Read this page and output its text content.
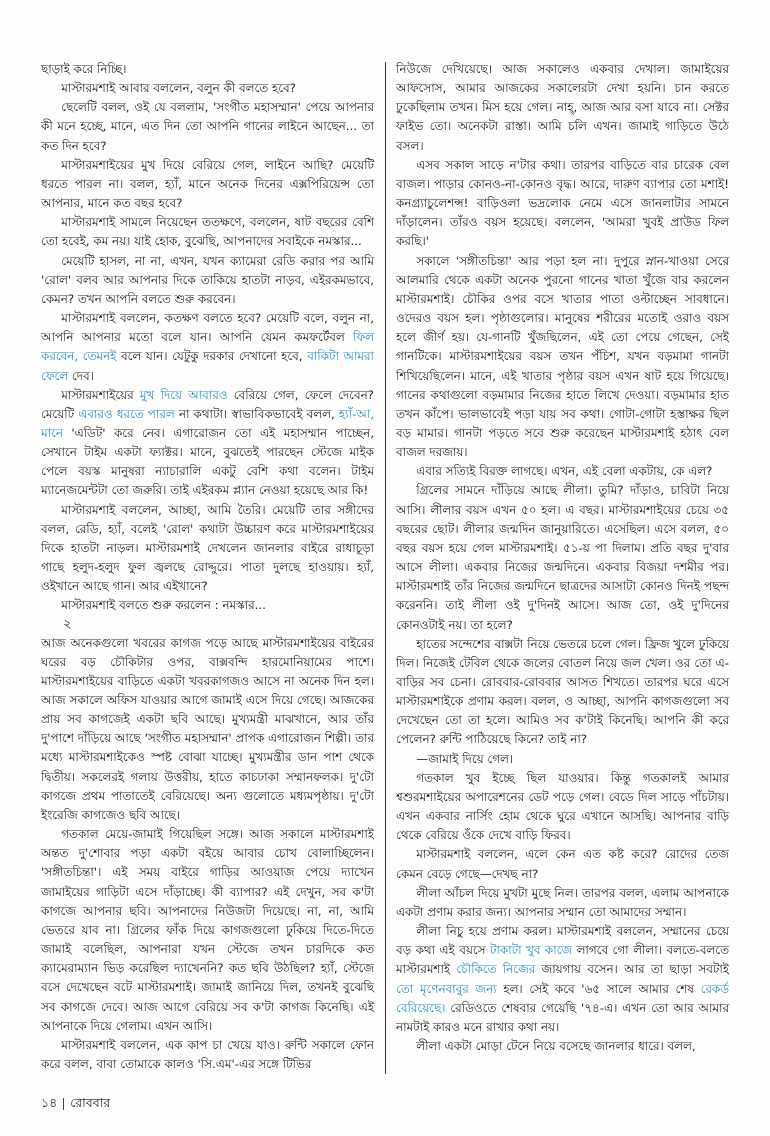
ছাড়াই করে নিচ্ছি।

মাস্টারমশাই আবার বললেন, বলুন কী বলতে হবে?

ছেলেটি বলল, ওই যে বললাম, 'সংগীত মহাসম্মান' পেয়ে আপনার কী মনে হচ্ছে, মানে, এত দিন তো আপনি গানের লাইনে আছেন... তা কত দিন হবে?

মাস্টারমশাইয়ের মুখ দিয়ে বেরিয়ে গেল, লাইনে আছি? মেয়েটি ধরতে পারল না। বলল, হ্যাঁ, মানে অনেক দিনের এক্সপিরিয়েন্স তো আপনার, মানে কত বছর হবে?

মাস্টারমশাই সামলে নিয়েছেন ততক্ষণে, বললেন, ষাট বছরের বেশি তো হবেই, কম নয়। যাই হোক, বুঝেছি, আপনাদের সবাইকে নমস্কার...

মেয়েটি হাসল, না না, এখন, যখন ক্যামেরা রেডি করার পর আমি 'রোল' বলব আর আপনার দিকে তাকিয়ে হাতটা নাড়ব, এইরকমভাবে, কেমন? তখন আপনি বলতে শুরু করবেন।

মাস্টারমশাই বললেন, কতক্ষণ বলতে হবে? মেয়েটি বলে, বলুন না, আপনি আপনার মতো বলে যান। আপনি যেমন কমফর্টেবল ফিল করবেন, তেমনই বলে যান। যেটুকু দরকার দেখানো হবে, বাকিটা আমরা ফেলে দেব।

মাস্টারমশাইয়ের মুখ দিয়ে আবারও বেরিয়ে গেল, ফেলে দেবেন? মেয়েটি এবারও ধরতে পারল না কথাটা। স্বাভাবিকভাবেই বলল, হ্যাঁ-আ, মানে 'এডিট' করে নেব। এগারোজন তো এই মহাসম্মান পাচ্ছেন, সেখানে টাইম একটা ফ্যাক্টর। মানে, বুঝতেই পারছেন স্টেজে মাইক পেলে বয়স্ক মানুষরা ন্যাচারালি একটু বেশি কথা বলেন। টাইম ম্যানেজমেন্টটা তো জরুরি। তাই এইরকম প্ল্যান নেওয়া হয়েছে আর কি!

মাস্টারমশাই বললেন, আচ্ছা, আমি তৈরি। মেয়েটি তার সঙ্গীদের বলল, রেডি, হ্যাঁ, বলেই 'রোল' কথাটা উচ্চারণ করে মাস্টারমশাইয়ের দিকে হাতটা নাড়ল। মাস্টারমশাই দেখলেন জানলার বাইরে রাধাচূড়া গাছে হলুদ-হলুদ ফুল জ্বলছে রোদ্দুরে। পাতা দুলছে হাওয়ায়। হ্যাঁ, ওইখানে আছে গান। আর এইখানে?

মাস্টারমশাই বলতে শুরু করলেন : নমস্কার...

২

আজ অনেকগুলো খবরের কাগজ পড়ে আছে মাস্টারমশাইয়ের বাইরের ঘরের বড় চৌকিটার ওপর, বাক্সবন্দি হারমোনিয়ামের পাশে। মাস্টারমশাইয়ের বাড়িতে একটা খবরকাগজও আসে না অনেক দিন হল। আজ সকালে অফিস যাওয়ার আগে জামাই এসে দিয়ে গেছে। আজকের প্রায় সব কাগজেই একটা ছবি আছে। মুখ্যমন্ত্রী মাঝখানে, আর তাঁর দু'পাশে দাঁড়িয়ে আছে 'সংগীত মহাসম্মান' প্রাপক এগারোজন শিল্পী। তার মধ্যে মাস্টারমশাইকেও স্পষ্ট বোঝা যাচ্ছে। মুখ্যমন্ত্রীর ডান পাশ থেকে দ্বিতীয়। সকলেরই গলায় উত্তরীয়, হাতে কাচঢাকা সম্মানফলক। দু'টো কাগজে প্রথম পাতাতেই বেরিয়েছে। অন্য গুলোতে মধ্যমপৃষ্ঠায়। দু'টো ইংরেজি কাগজেও ছবি আছে।

গতকাল মেয়ে-জামাই গিয়েছিল সঙ্গে। আজ সকালে মাস্টারমশাই অন্তত দু'শোবার পড়া একটা বইয়ে আবার চোখ বোলাচ্ছিলেন। 'সঙ্গীতচিন্তা'। এই সময় বাইরে গাড়ির আওয়াজ পেয়ে দ্যাখেন জামাইয়ের গাড়িটা এসে দাঁড়াচ্ছে। কী ব্যাপার? এই দেখুন, সব ক'টা কাগজে আপনার ছবি। আপনাদের নিউজটা দিয়েছে। না, না, আমি ভেতরে যাব না। গ্রিলের ফাঁক দিয়ে কাগজগুলো ঢুকিয়ে দিতে-দিতে জামাই বলেছিল, আপনারা যখন স্টেজে তখন চারদিকে কত ক্যামেরাম্যান ভিড় করেছিল দ্যাখেননি? কত ছবি উঠছিল? হ্যাঁ, স্টেজে বসে দেখেছেন বটে মাস্টারমশাই। জামাই জানিয়ে দিল, তখনই বুঝেছি সব কাগজে দেবে। আজ আগে বেরিয়ে সব ক'টা কাগজ কিনেছি। এই আপনাকে দিয়ে গেলাম। এখন আসি।

মাস্টারমশাই বললেন, এক কাপ চা খেয়ে যাও। রুন্টি সকালে ফোন করে বলল, বাবা তোমাকে কালও 'সি.এম'-এর সঙ্গে টিভির

নিউজে দেখিয়েছে। আজ সকালেও একবার দেখাল। জামাইয়ের আফসোস, আমার আজকের সকালেরটা দেখা হয়নি। চান করতে ঢুকেছিলাম তখন। মিস হয়ে গেল। নাহ্, আজ আর বসা যাবে না। সেক্টর ফাইভ তো। অনেকটা রাস্তা। আমি চলি এখন। জামাই গাড়িতে উঠে বসল।

এসব সকাল সাড়ে ন'টার কথা। তারপর বাড়িতে বার চারেক বেল বাজল। পাড়ার কোনও-না-কোনও বৃদ্ধ। আরে, দারুণ ব্যাপার তো মশাই! কনগ্র্যাচুলেশন্স! বাড়িওলা ভদ্রলোক নেমে এসে জানলাটার সামনে দাঁড়ালেন। তাঁরও বয়স হয়েছে। বললেন, 'আমরা খুবই প্রাউড ফিল করছি।'

সকালে 'সঙ্গীতচিন্তা' আর পড়া হল না। দুপুরে স্নান-খাওয়া সেরে আলমারি থেকে একটা অনেক পুরনো গানের খাতা খুঁজে বার করলেন মাস্টারমশাই। চৌকির ওপর বসে খাতার পাতা ওল্টাচ্ছেন সাবধানে। ওদেরও বয়স হল। পৃষ্ঠাগুলোর। মানুষের শরীরের মতোই ওরাও বয়স হলে জীর্ণ হয়। যে-গানটি খুঁজছিলেন, এই তো পেয়ে গেছেন, সেই গানটিকে। মাস্টারমশাইয়ের বয়স তখন পঁচিশ, যখন বড়মামা গানটা শিখিয়েছিলেন। মানে, এই খাতার পৃষ্ঠার বয়স এখন ষাট হয়ে গিয়েছে। গানের কথাগুলো বড়মামার নিজের হাতে লিখে দেওয়া। বড়মামার হাত তখন কাঁপে। ভালভাবেই পড়া যায় সব কথা। গোটা-গোটা হস্তাক্ষর ছিল বড় মামার। গানটা পড়তে সবে শুরু করেছেন মাস্টারমশাই হঠাৎ বেল বাজল দরজায়।

এবার সত্যিই বিরক্ত লাগছে। এখন, এই বেলা একটায়, কে এল?

গ্রিলের সামনে দাঁড়িয়ে আছে লীলা। তুমি? দাঁড়াও, চাবিটা নিয়ে আসি। লীলার বয়স এখন ৫০ হল। এ বছর। মাস্টারমশাইয়ের চেয়ে ৩৫ বছরের ছোট। লীলার জন্মদিন জানুয়ারিতে। এসেছিল। এসে বলল, ৫০ বছর বয়স হয়ে গেল মাস্টারমশাই। ৫১-য় পা দিলাম। প্রতি বছর দু'বার আসে লীলা। একবার নিজের জন্মদিনে। একবার বিজয়া দশমীর পর। মাস্টারমশাই তাঁর নিজের জন্মদিনে ছাত্রদের আসাটা কোনও দিনই পছন্দ করেননি। তাই লীলা ওই দু'দিনই আসে। আজ তো, ওই দু'দিনের কোনওটাই নয়। তা হলে?

হাতের সন্দেশের বাক্সটা নিয়ে ভেতরে চলে গেল। ফ্রিজ খুলে ঢুকিয়ে দিল। নিজেই টেবিল থেকে জলের বোতল নিয়ে জল খেল। ওর তো এ-বাড়ির সব চেনা। রোববার-রোববার আসত শিখতে। তারপর ঘরে এসে মাস্টারমশাইকে প্রণাম করল। বলল, ও আচ্ছা, আপনি কাগজগুলো সব দেখেছেন তো তা হলে। আমিও সব ক'টাই কিনেছি। আপনি কী করে পেলেন? রুন্টি পাঠিয়েছে কিনে? তাই না?

—জামাই দিয়ে গেল।

গতকাল খুব ইচ্ছে ছিল যাওয়ার। কিন্তু গতকালই আমার শ্বশুরমশাইয়ের অপারেশনের ডেট পড়ে গেল। বেডে দিল সাড়ে পাঁচটায়। এখন একবার নার্সিং হোম থেকে ঘুরে এখানে আসছি। আপনার বাড়ি থেকে বেরিয়ে ওঁকে দেখে বাড়ি ফিরব।

মাস্টারমশাই বললেন, এলে কেন এত কষ্ট করে? রোদের তেজ কেমন বেড়ে গেছে—দেখছ না?

লীলা আঁচল দিয়ে মুখটা মুছে নিল। তারপর বলল, এলাম আপনাকে একটা প্রণাম করার জন্য। আপনার সম্মান তো আমাদের সম্মান।

লীলা নিচু হয়ে প্রণাম করল। মাস্টারমশাই বললেন, সম্মানের চেয়ে বড় কথা এই বয়সে টাকাটা খুব কাজে লাগবে গো লীলা। বলতে-বলতে মাস্টারমশাই চৌকিতে নিজের জায়গায় বসেন। আর তা ছাড়া সবটাই তো মৃণেনবাবুর জন্য হল। সেই কবে '৬৫ সালে আমার শেষ রেকর্ড বেরিয়েছে। রেডিওতে শেষবার গেয়েছি '৭৪-এ। এখন তো আর আমার নামটাই কারও মনে রাখার কথা নয়।

লীলা একটা মোড়া টেনে নিয়ে বসেছে জানলার ধারে। বলল,

১৪ রোববার
